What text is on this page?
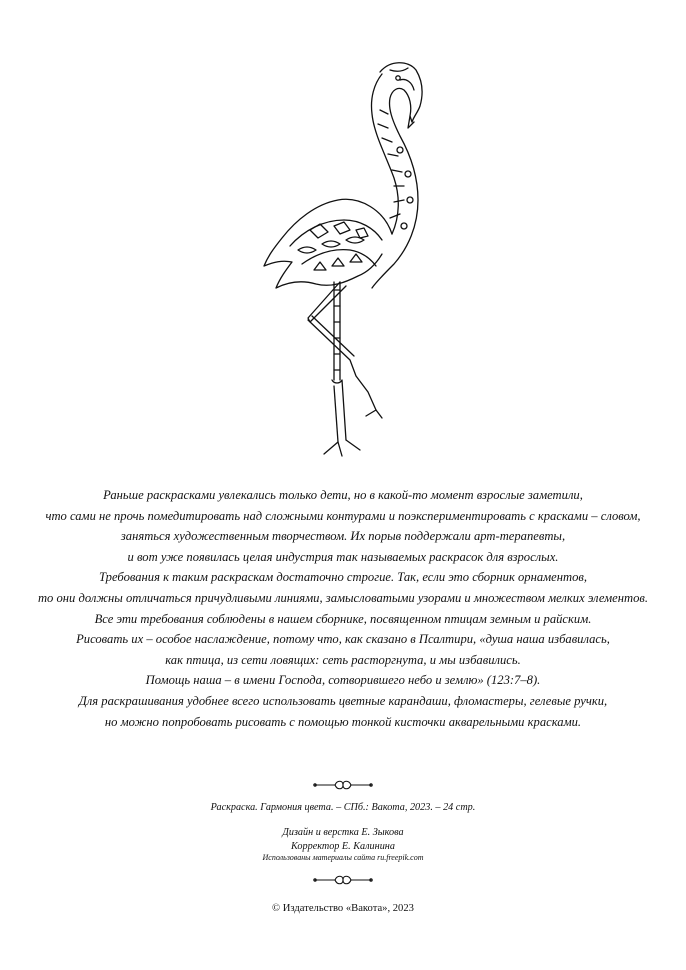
Раньше раскрасками увлекались только дети, но в какой-то момент взрослые заметили,

что сами не прочь помедитировать над сложными контурами и поэкспериментировать с красками – словом,

заняться художественным творчеством. Их порыв поддержали арт-терапевты,

и вот уже появилась целая индустрия так называемых раскрасок для взрослых.

Требования к таким раскраскам достаточно строгие. Так, если это сборник орнаментов,

то они должны отличаться причудливыми линиями, замысловатыми узорами и множеством мелких элементов.

Все эти требования соблюдены в нашем сборнике, посвященном птицам земным и райским.

Рисовать их – особое наслаждение, потому что, как сказано в Псалтири, «душа наша избавилась,

как птица, из сети ловящих: сеть расторгнута, и мы избавились.

Помощь наша – в имени Господа, сотворившего небо и землю» (123:7–8).

Для раскрашивания удобнее всего использовать цветные карандаши, фломастеры, гелевые ручки,

но можно попробовать рисовать с помощью тонкой кисточки акварельными красками.

Раскраска. Гармония цвета. – СПб.: Вакота, 2023. – 24 стр.
Дизайн и верстка Е. Зыкова
Корректор Е. Калинина
Использованы материалы сайта ru.freepik.com
© Издательство «Вакота», 2023
